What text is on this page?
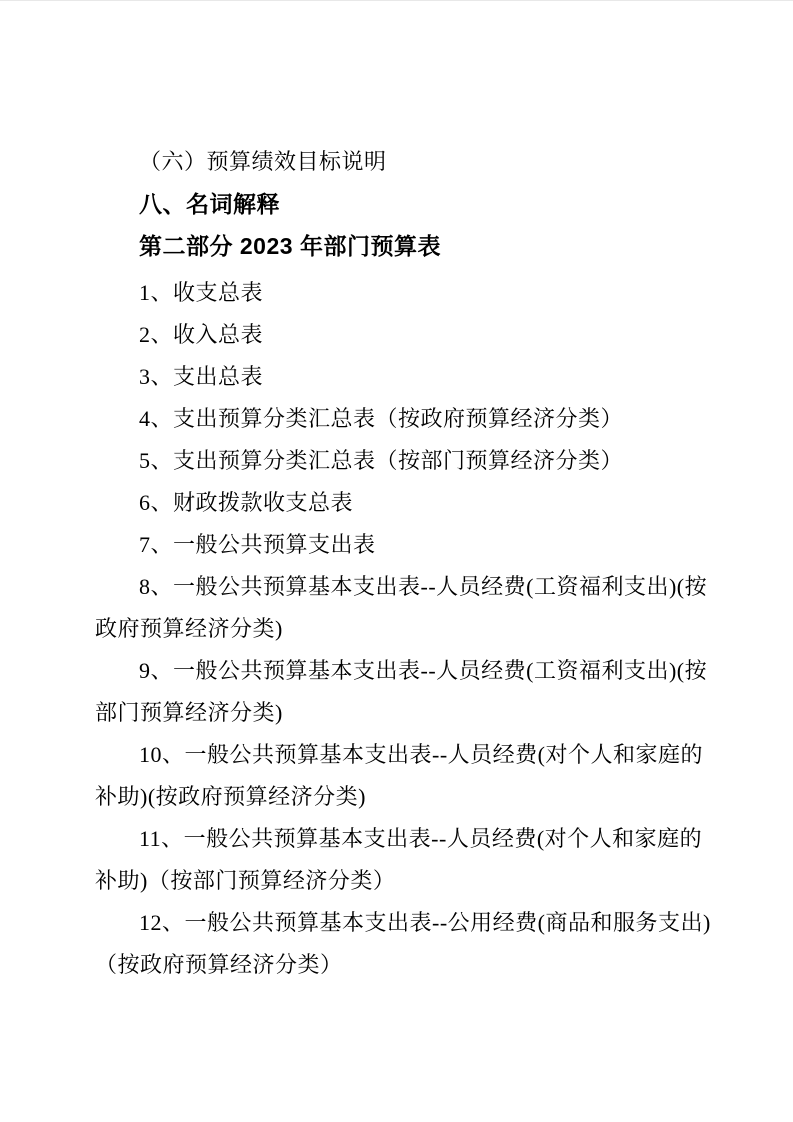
（六）预算绩效目标说明
八、名词解释
第二部分 2023 年部门预算表
1、收支总表
2、收入总表
3、支出总表
4、支出预算分类汇总表（按政府预算经济分类）
5、支出预算分类汇总表（按部门预算经济分类）
6、财政拨款收支总表
7、一般公共预算支出表
8、一般公共预算基本支出表--人员经费(工资福利支出)(按
政府预算经济分类)
9、一般公共预算基本支出表--人员经费(工资福利支出)(按
部门预算经济分类)
10、一般公共预算基本支出表--人员经费(对个人和家庭的
补助)(按政府预算经济分类)
11、一般公共预算基本支出表--人员经费(对个人和家庭的
补助)（按部门预算经济分类）
12、一般公共预算基本支出表--公用经费(商品和服务支出)
（按政府预算经济分类）
